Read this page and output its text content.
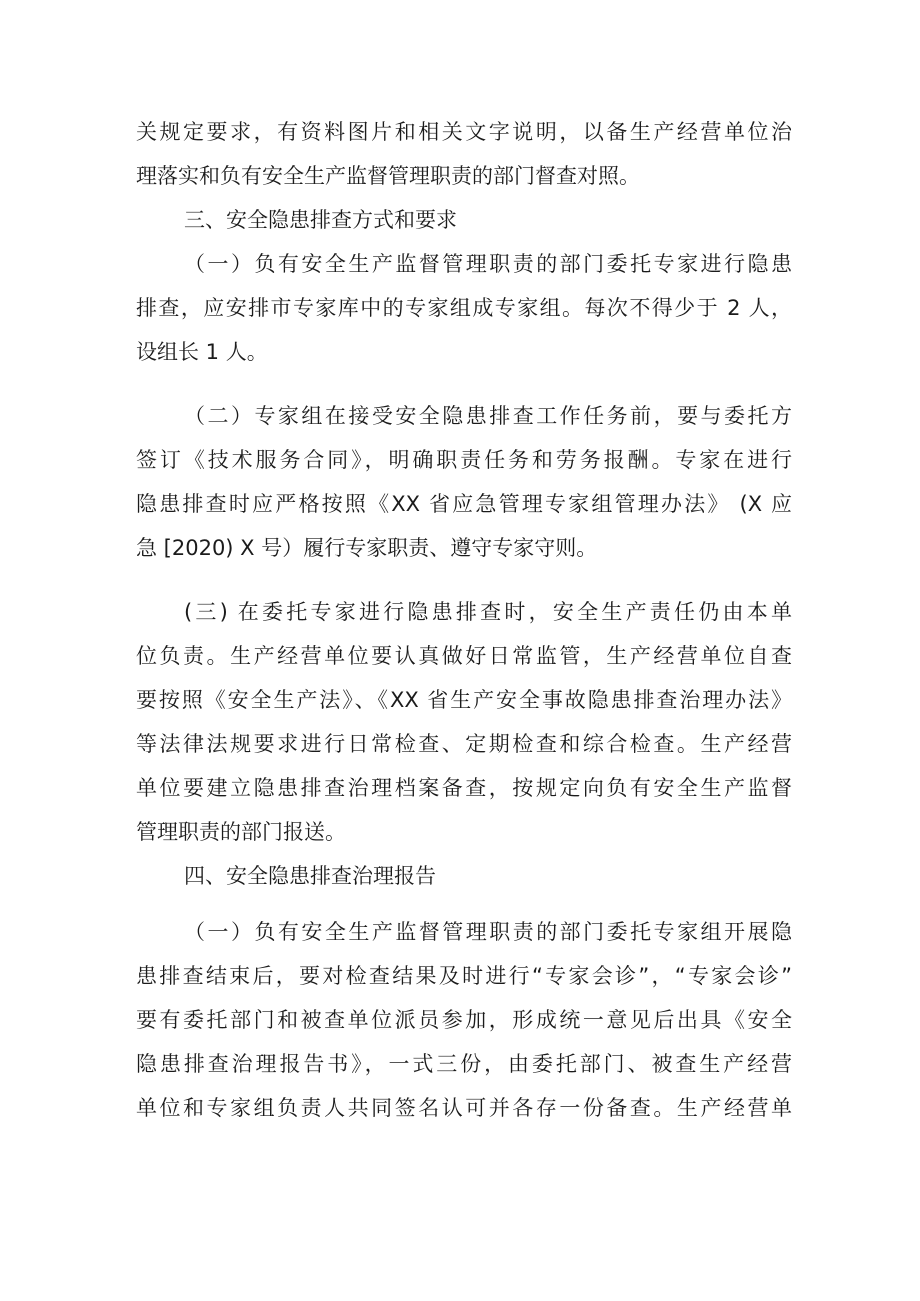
关规定要求，有资料图片和相关文字说明，以备生产经营单位治
理落实和负有安全生产监督管理职责的部门督查对照。
三、安全隐患排查方式和要求
（一）负有安全生产监督管理职责的部门委托专家进行隐患
排查，应安排市专家库中的专家组成专家组。每次不得少于 2 人，
设组长 1 人。
（二）专家组在接受安全隐患排查工作任务前，要与委托方
签订《技术服务合同》，明确职责任务和劳务报酬。专家在进行
隐患排查时应严格按照《XX 省应急管理专家组管理办法》 (X 应
急 [2020) X 号）履行专家职责、遵守专家守则。
(三) 在委托专家进行隐患排查时，安全生产责任仍由本单
位负责。生产经营单位要认真做好日常监管，生产经营单位自查
要按照《安全生产法》、《XX 省生产安全事故隐患排查治理办法》
等法律法规要求进行日常检查、定期检查和综合检查。生产经营
单位要建立隐患排查治理档案备查，按规定向负有安全生产监督
管理职责的部门报送。
四、安全隐患排查治理报告
（一）负有安全生产监督管理职责的部门委托专家组开展隐
患排查结束后，要对检查结果及时进行“专家会诊”，“专家会诊”
要有委托部门和被查单位派员参加，形成统一意见后出具《安全
隐患排查治理报告书》，一式三份，由委托部门、被查生产经营
单位和专家组负责人共同签名认可并各存一份备查。生产经营单
